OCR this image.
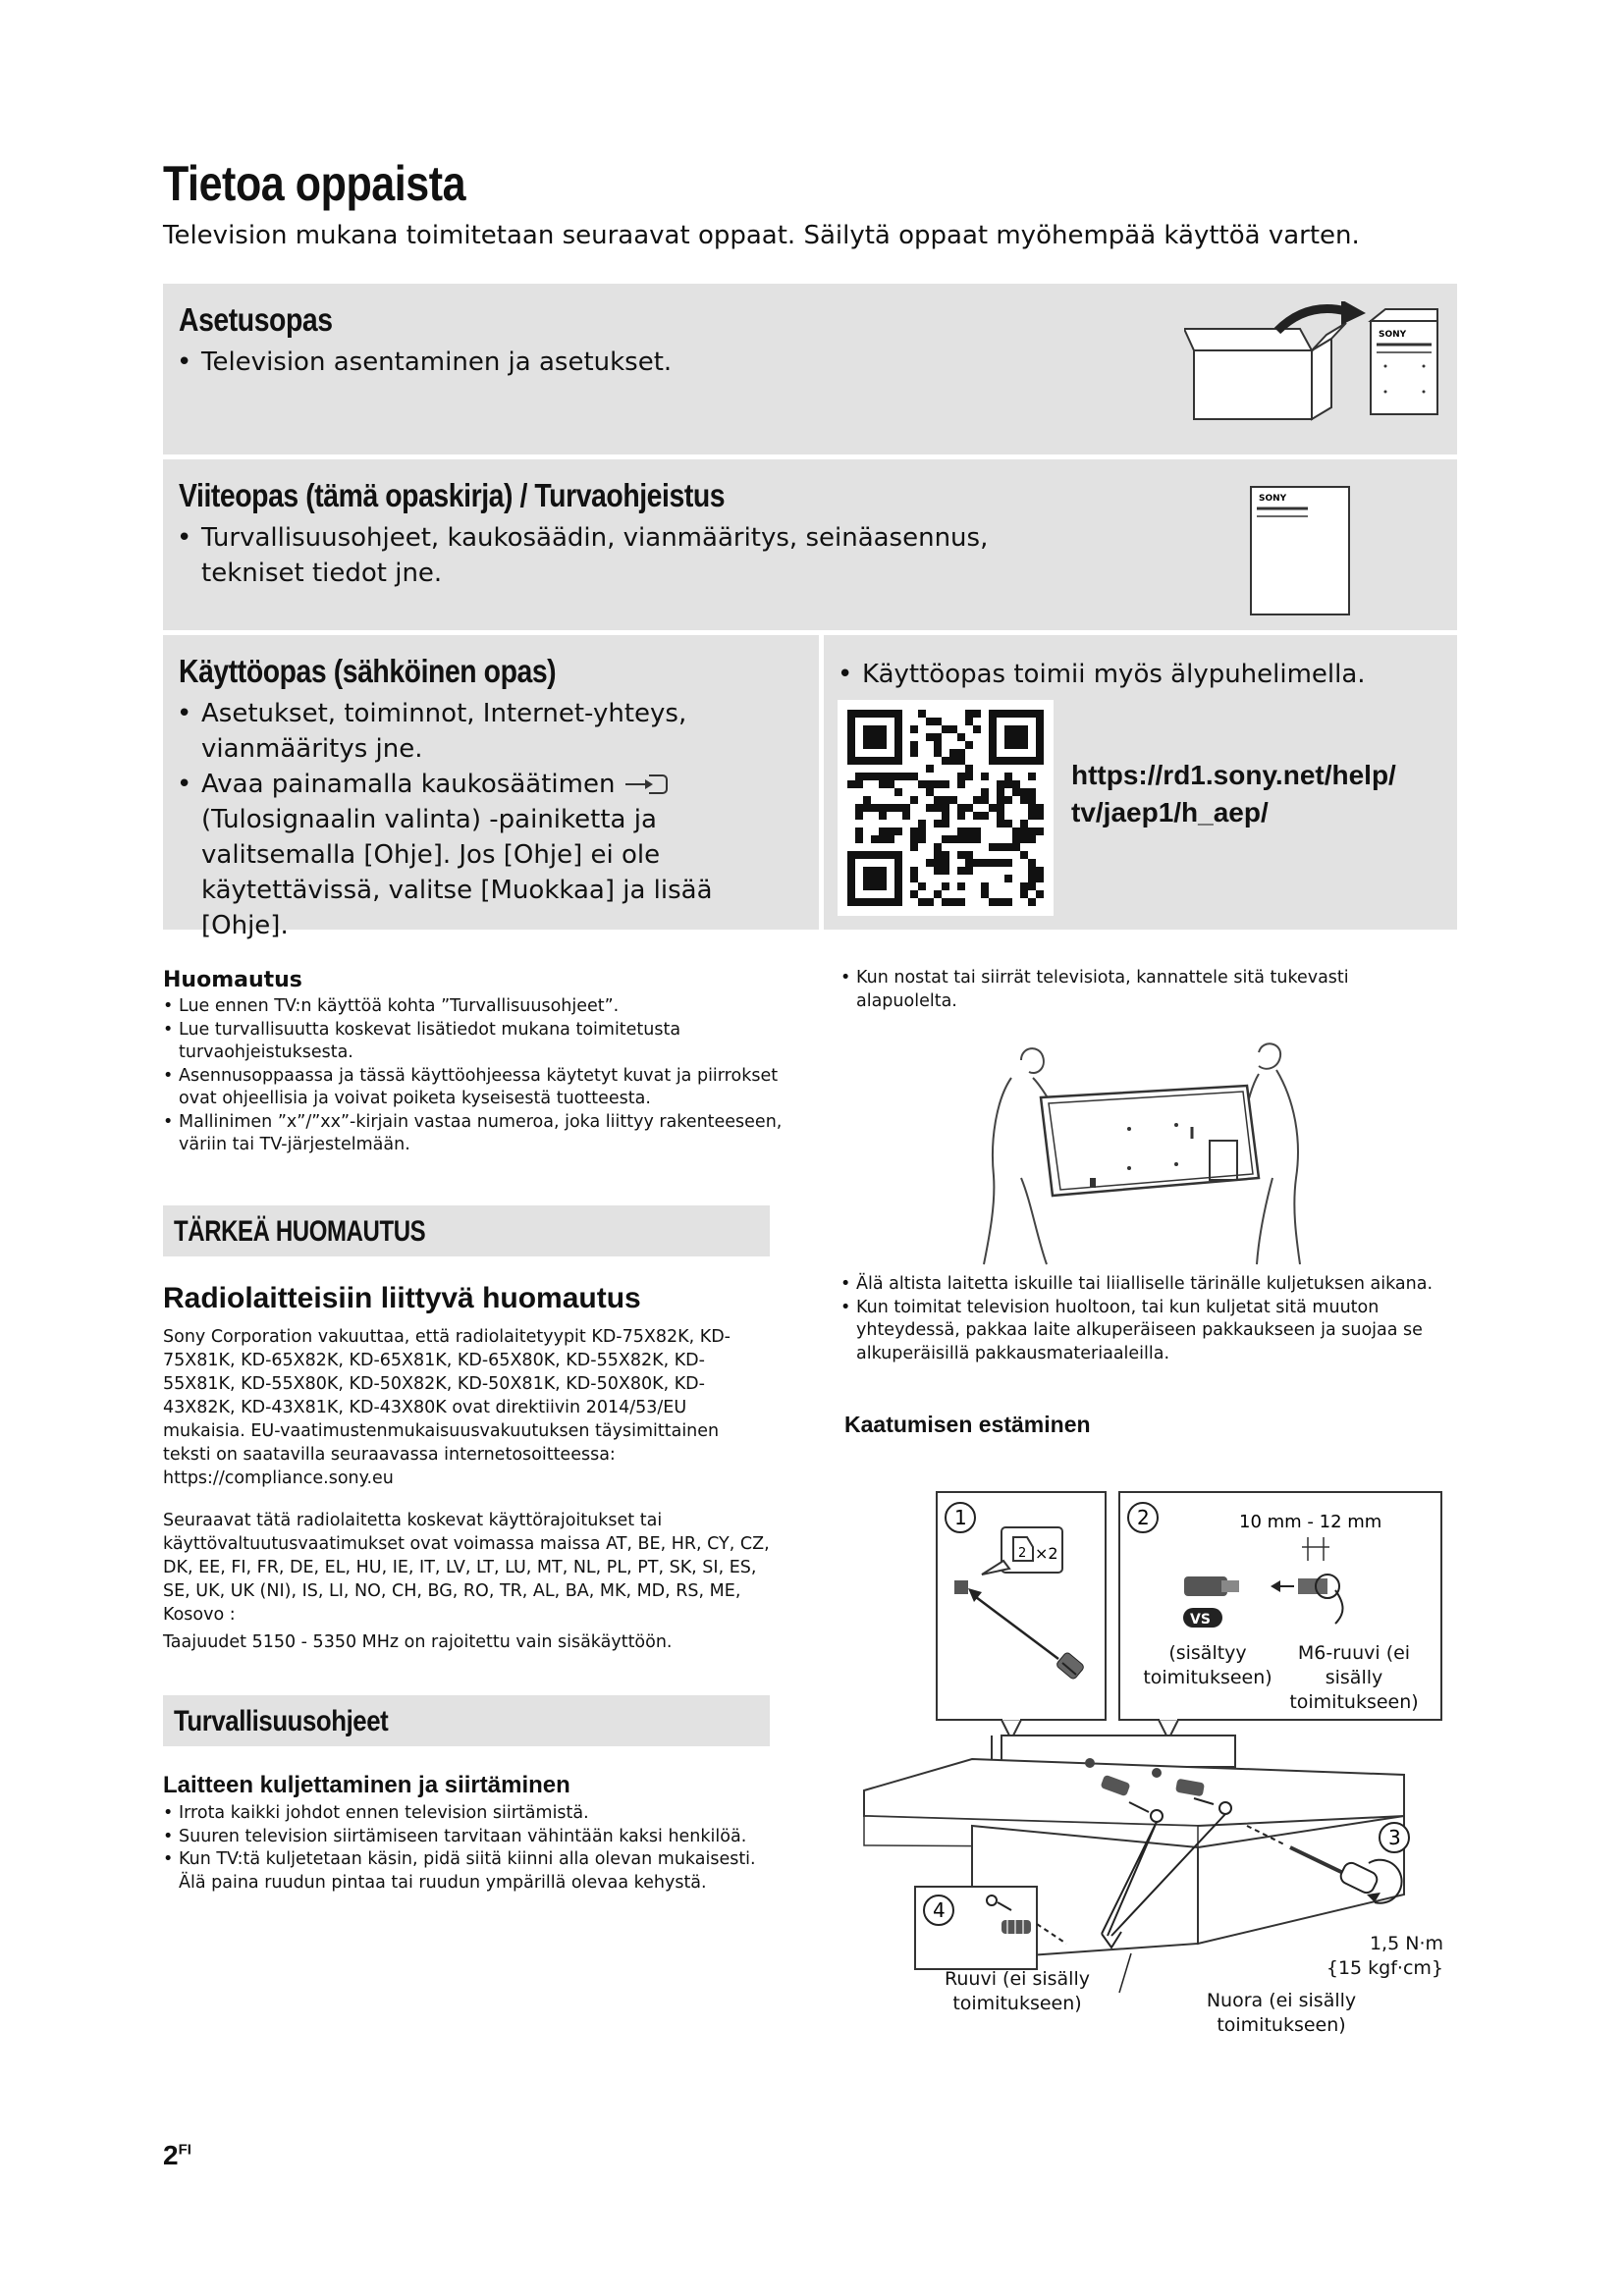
Tietoa oppaista
Television mukana toimitetaan seuraavat oppaat. Säilytä oppaat myöhempää käyttöä varten.
Asetusopas
• Television asentaminen ja asetukset.
SONY
Viiteopas (tämä opaskirja) / Turvaohjeistus
• Turvallisuusohjeet, kaukosäädin, vianmääritys, seinäasennus, tekniset tiedot jne.
SONY
Käyttöopas (sähköinen opas)
• Asetukset, toiminnot, Internet-yhteys, vianmääritys jne.
• Avaa painamalla kaukosäätimen  (Tulosignaalin valinta) -painiketta ja valitsemalla [Ohje]. Jos [Ohje] ei ole käytettävissä, valitse [Muokkaa] ja lisää [Ohje].
• Käyttöopas toimii myös älypuhelimella.
https://rd1.sony.net/help/
tv/jaep1/h_aep/
Huomautus
• Lue ennen TV:n käyttöä kohta ”Turvallisuusohjeet”.
• Lue turvallisuutta koskevat lisätiedot mukana toimitetusta turvaohjeistuksesta.
• Asennusoppaassa ja tässä käyttöohjeessa käytetyt kuvat ja piirrokset ovat ohjeellisia ja voivat poiketa kyseisestä tuotteesta.
• Mallinimen ”x”/”xx”-kirjain vastaa numeroa, joka liittyy rakenteeseen, väriin tai TV-järjestelmään.
TÄRKEÄ HUOMAUTUS
Radiolaitteisiin liittyvä huomautus
Sony Corporation vakuuttaa, että radiolaitetyypit KD-75X82K, KD-75X81K, KD-65X82K, KD-65X81K, KD-65X80K, KD-55X82K, KD-55X81K, KD-55X80K, KD-50X82K, KD-50X81K, KD-50X80K, KD-43X82K, KD-43X81K, KD-43X80K ovat direktiivin 2014/53/EU mukaisia. EU-vaatimustenmukaisuusvakuutuksen täysimittainen teksti on saatavilla seuraavassa internetosoitteessa: https://compliance.sony.eu
Seuraavat tätä radiolaitetta koskevat käyttörajoitukset tai käyttövaltuutusvaatimukset ovat voimassa maissa AT, BE, HR, CY, CZ, DK, EE, FI, FR, DE, EL, HU, IE, IT, LV, LT, LU, MT, NL, PL, PT, SK, SI, ES, SE, UK, UK (NI), IS, LI, NO, CH, BG, RO, TR, AL, BA, MK, MD, RS, ME, Kosovo :
Taajuudet 5150 - 5350 MHz on rajoitettu vain sisäkäyttöön.
Turvallisuusohjeet
Laitteen kuljettaminen ja siirtäminen
• Irrota kaikki johdot ennen television siirtämistä.
• Suuren television siirtämiseen tarvitaan vähintään kaksi henkilöä.
• Kun TV:tä kuljetetaan käsin, pidä siitä kiinni alla olevan mukaisesti. Älä paina ruudun pintaa tai ruudun ympärillä olevaa kehystä.
• Kun nostat tai siirrät televisiota, kannattele sitä tukevasti alapuolelta.
• Älä altista laitetta iskuille tai liialliselle tärinälle kuljetuksen aikana.
• Kun toimitat television huoltoon, tai kun kuljetat sitä muuton yhteydessä, pakkaa laite alkuperäiseen pakkaukseen ja suojaa se alkuperäisillä pakkausmateriaaleilla.
Kaatumisen estäminen
1
2 ×2
2	10 mm - 12 mm
VS
3
4
(sisältyy
toimitukseen)
M6-ruuvi (ei
sisälly
toimitukseen)
1,5 N·m
{15 kgf·cm}
Ruuvi (ei sisälly
toimitukseen)	Nuora (ei sisälly
toimitukseen)
$2^{FI}$
